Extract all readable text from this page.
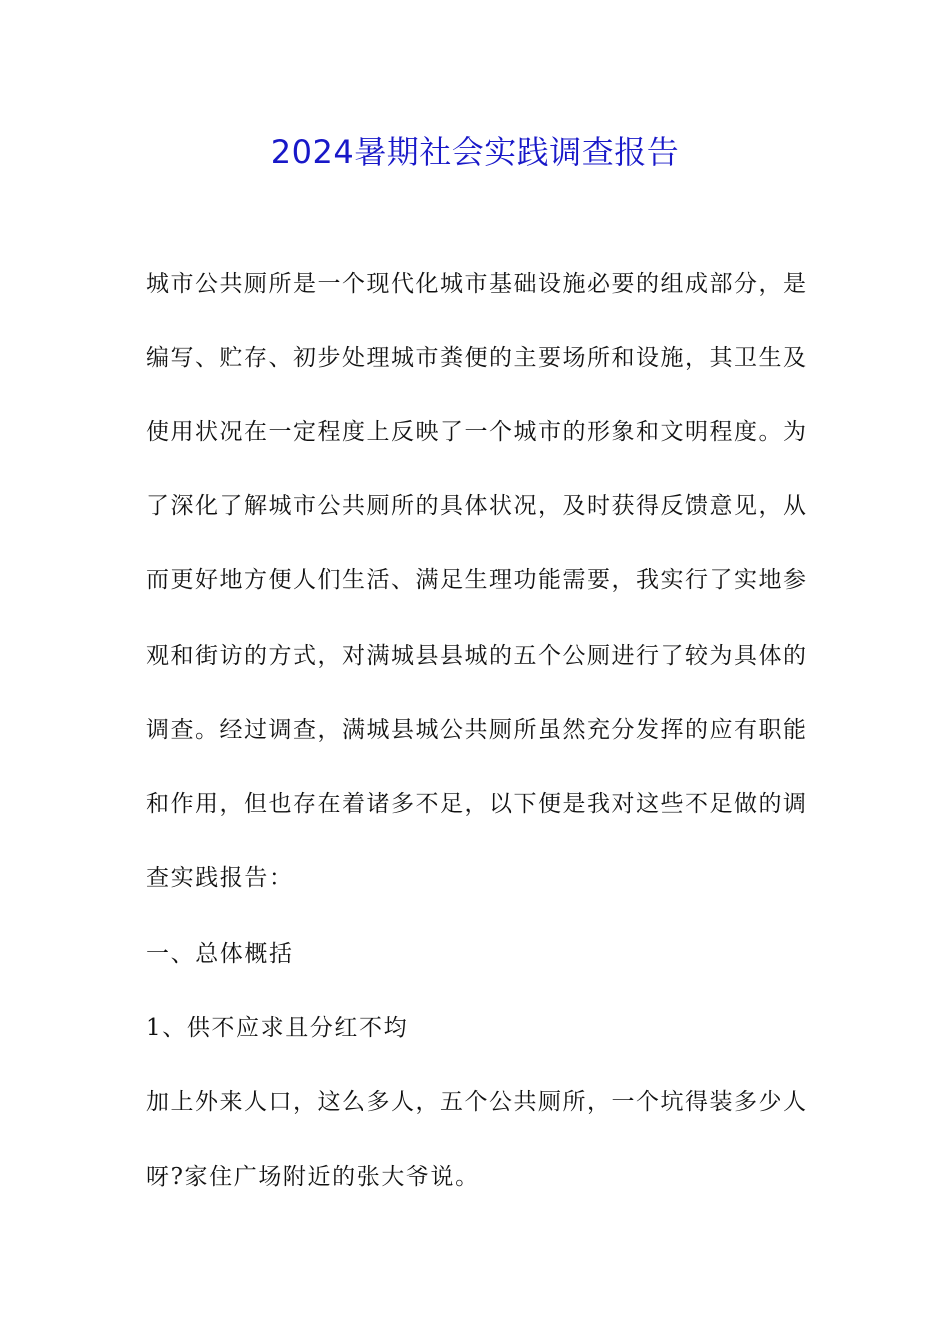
2024暑期社会实践调查报告
城市公共厕所是一个现代化城市基础设施必要的组成部分，是
编写、贮存、初步处理城市粪便的主要场所和设施，其卫生及
使用状况在一定程度上反映了一个城市的形象和文明程度。为
了深化了解城市公共厕所的具体状况，及时获得反馈意见，从
而更好地方便人们生活、满足生理功能需要，我实行了实地参
观和街访的方式，对满城县县城的五个公厕进行了较为具体的
调查。经过调查，满城县城公共厕所虽然充分发挥的应有职能
和作用，但也存在着诸多不足，以下便是我对这些不足做的调
查实践报告：
一、总体概括
1、供不应求且分红不均
加上外来人口，这么多人，五个公共厕所，一个坑得装多少人
呀?家住广场附近的张大爷说。
